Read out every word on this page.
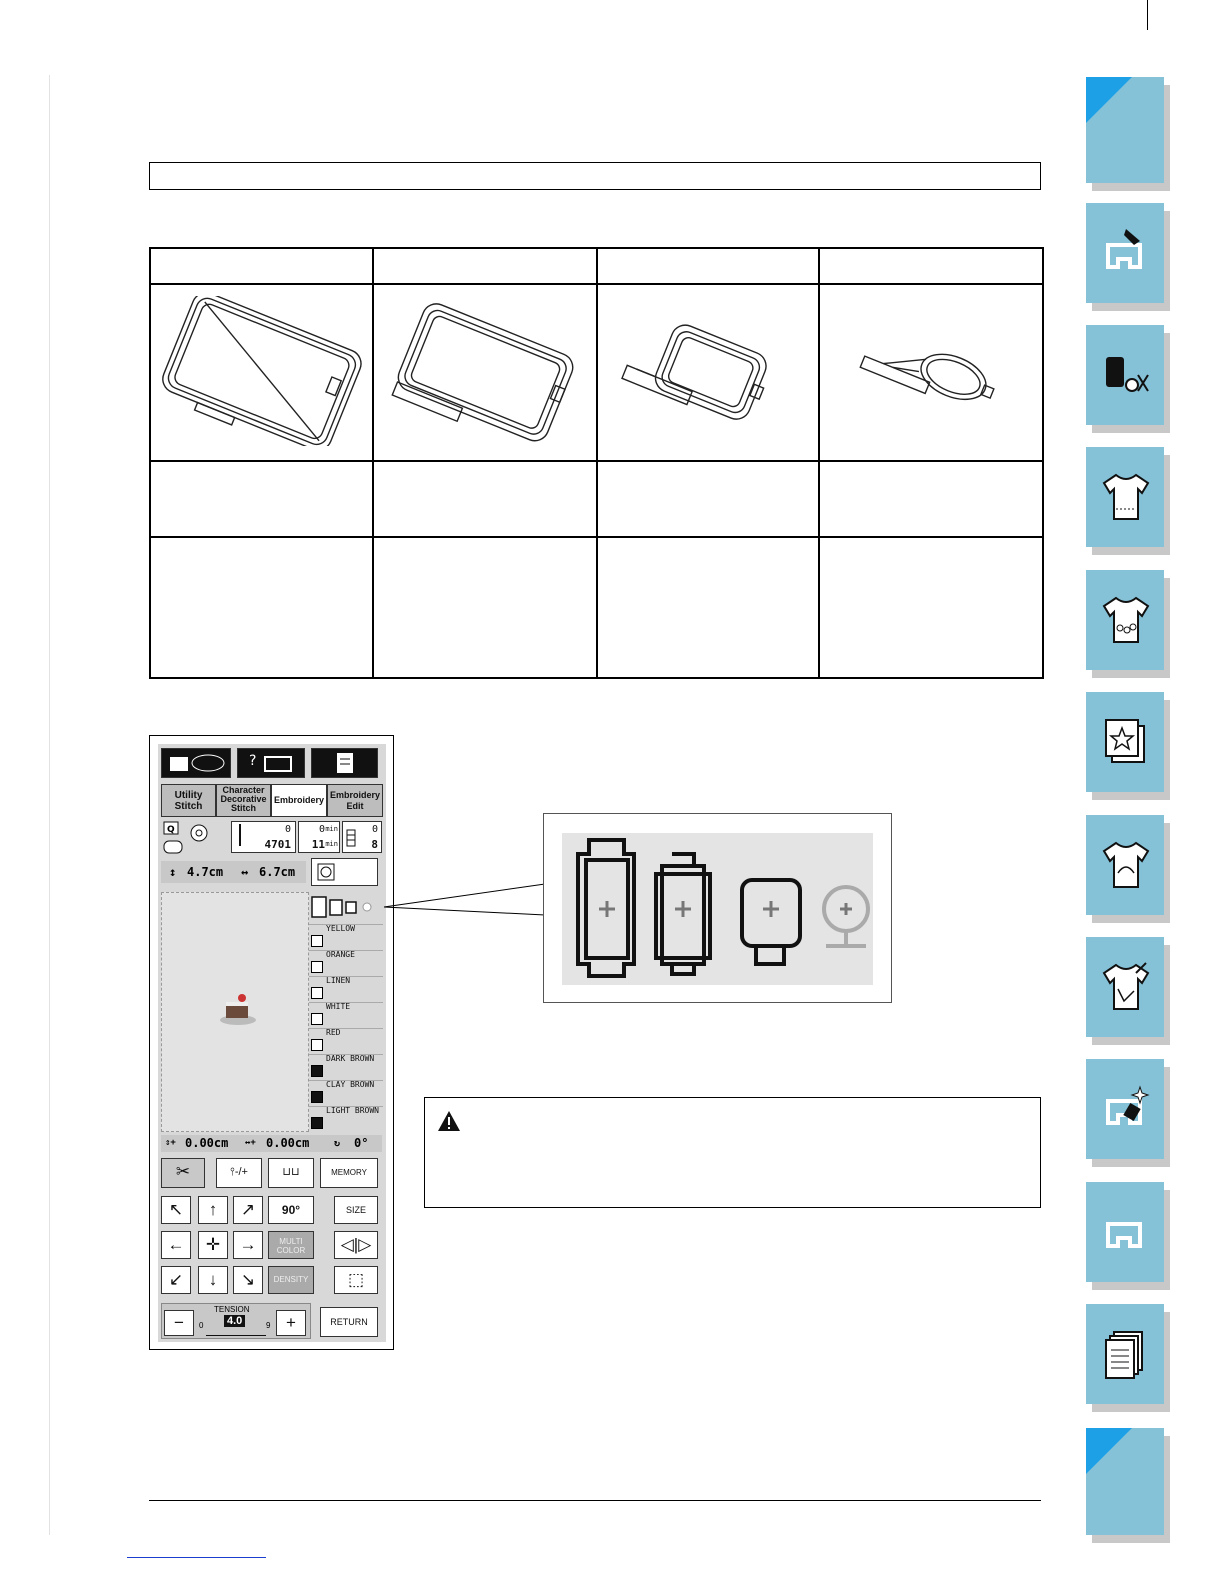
?
Utility Stitch
Character Decorative Stitch
Embroidery Embroidery Edit
Q	0
4701
0
11
min
min
0
8
↕ 4.7cm ↔ 6.7cm
⇕+ 0.00cm ↔+ 0.00cm ↻ 0°
✂	⫯-/+	⊔⊔	MEMORY
↖	↑	↗	90°	SIZE
←	✛	→	MULTI COLOR	◁|▷
↙	↓	↘	DENSITY	⬚
TENSION
−	0 4.0	9 +	RETURN
YELLOW
ORANGE
LINEN
WHITE
RED
DARK BROWN
CLAY BROWN
LIGHT BROWN
